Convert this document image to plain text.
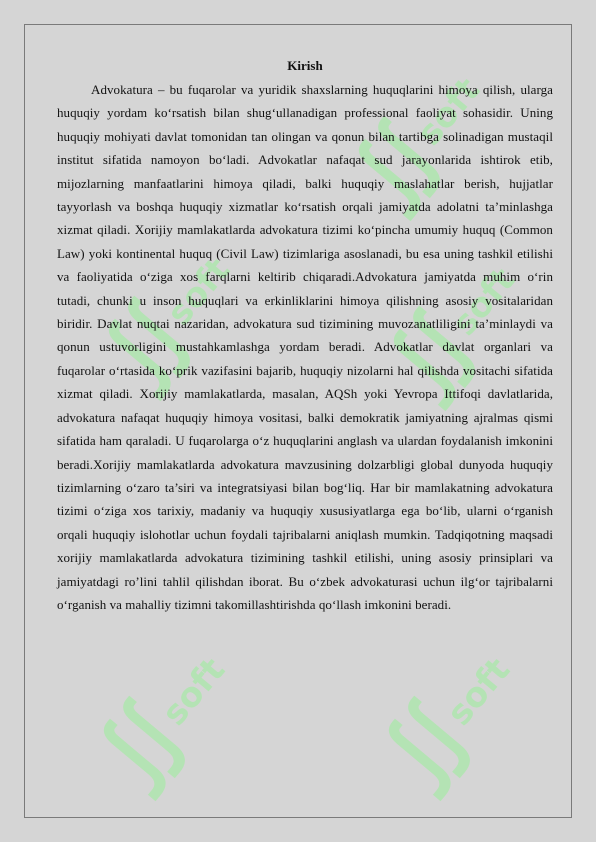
soft
soft	soft
soft	soft
Kirish

Advokatura – bu fuqarolar va yuridik shaxslarning huquqlarini himoya qilish, ularga huquqiy yordam ko‘rsatish bilan shug‘ullanadigan professional faoliyat sohasidir. Uning huquqiy mohiyati davlat tomonidan tan olingan va qonun bilan tartibga solinadigan mustaqil institut sifatida namoyon bo‘ladi. Advokatlar nafaqat sud jarayonlarida ishtirok etib, mijozlarning manfaatlarini himoya qiladi, balki huquqiy maslahatlar berish, hujjatlar tayyorlash va boshqa huquqiy xizmatlar ko‘rsatish orqali jamiyatda adolatni ta’minlashga xizmat qiladi. Xorijiy mamlakatlarda advokatura tizimi ko‘pincha umumiy huquq (Common Law) yoki kontinental huquq (Civil Law) tizimlariga asoslanadi, bu esa uning tashkil etilishi va faoliyatida o‘ziga xos farqlarni keltirib chiqaradi.Advokatura jamiyatda muhim o‘rin tutadi, chunki u inson huquqlari va erkinliklarini himoya qilishning asosiy vositalaridan biridir. Davlat nuqtai nazaridan, advokatura sud tizimining muvozanatliligini ta’minlaydi va qonun ustuvorligini mustahkamlashga yordam beradi. Advokatlar davlat organlari va fuqarolar o‘rtasida ko‘prik vazifasini bajarib, huquqiy nizolarni hal qilishda vositachi sifatida xizmat qiladi. Xorijiy mamlakatlarda, masalan, AQSh yoki Yevropa Ittifoqi davlatlarida, advokatura nafaqat huquqiy himoya vositasi, balki demokratik jamiyatning ajralmas qismi sifatida ham qaraladi. U fuqarolarga o‘z huquqlarini anglash va ulardan foydalanish imkonini beradi.Xorijiy mamlakatlarda advokatura mavzusining dolzarbligi global dunyoda huquqiy tizimlarning o‘zaro ta’siri va integratsiyasi bilan bog‘liq. Har bir mamlakatning advokatura tizimi o‘ziga xos tarixiy, madaniy va huquqiy xususiyatlarga ega bo‘lib, ularni o‘rganish orqali huquqiy islohotlar uchun foydali tajribalarni aniqlash mumkin. Tadqiqotning maqsadi xorijiy mamlakatlarda advokatura tizimining tashkil etilishi, uning asosiy prinsiplari va jamiyatdagi ro’lini tahlil qilishdan iborat. Bu o‘zbek advokaturasi uchun ilg‘or tajribalarni o‘rganish va mahalliy tizimni takomillashtirishda qo‘llash imkonini beradi.
